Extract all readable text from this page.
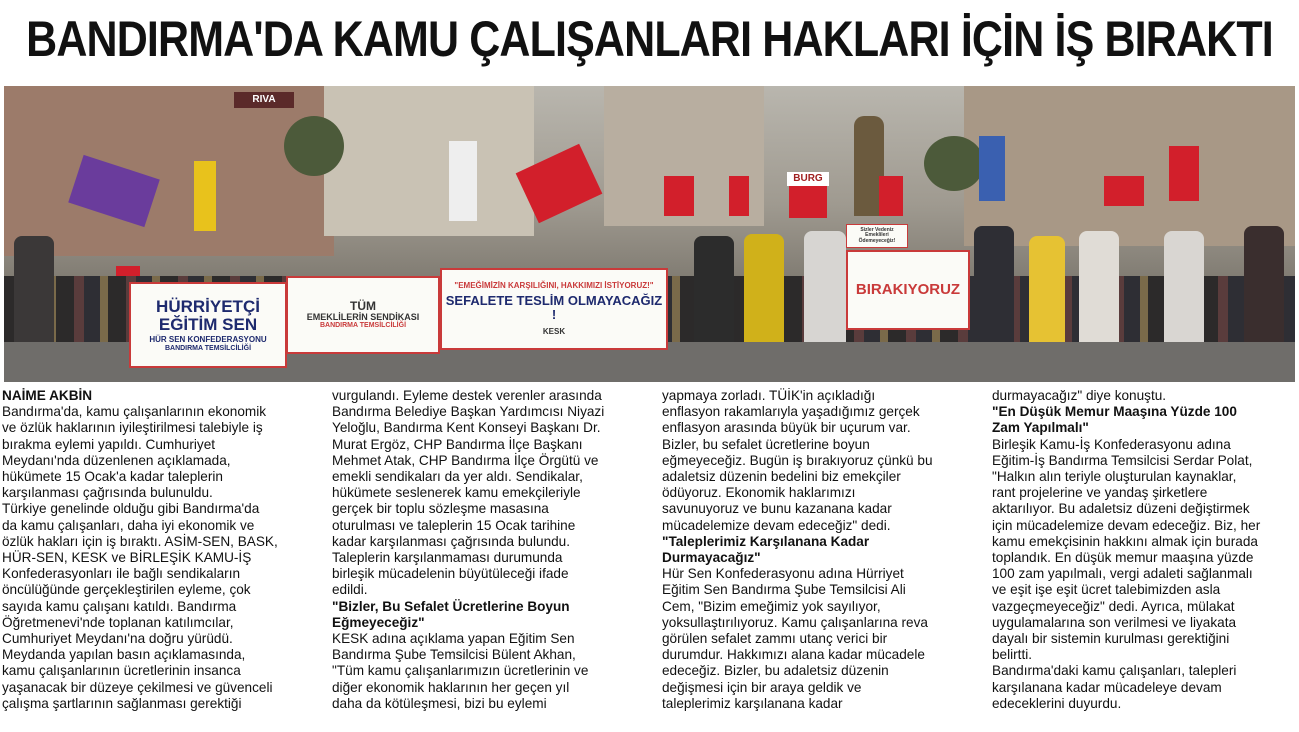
BANDIRMA'DA KAMU ÇALIŞANLARI HAKLARI İÇİN İŞ BIRAKTI
RIVA
BURG
HÜRRİYETÇİ
EĞİTİM SEN
HÜR SEN KONFEDERASYONU
BANDIRMA TEMSİLCİLİĞİ
TÜM
EMEKLİLERİN SENDİKASI
BANDIRMA TEMSİLCİLİĞİ
"EMEĞİMİZİN KARŞILIĞINI, HAKKIMIZI İSTİYORUZ!"
SEFALETE TESLİM OLMAYACAĞIZ !
KESK
BIRAKIYORUZ
Sizler Vedeniz
Emeklileri Ödemeyeceğiz!

NAİME AKBİN

Bandırma'da, kamu çalışanlarının ekonomik

ve özlük haklarının iyileştirilmesi talebiyle iş

bırakma eylemi yapıldı. Cumhuriyet

Meydanı'nda düzenlenen açıklamada,

hükümete 15 Ocak'a kadar taleplerin

karşılanması çağrısında bulunuldu.

Türkiye genelinde olduğu gibi Bandırma'da

da kamu çalışanları, daha iyi ekonomik ve

özlük hakları için iş bıraktı. ASİM-SEN, BASK,

HÜR-SEN, KESK ve BİRLEŞİK KAMU-İŞ

Konfederasyonları ile bağlı sendikaların

öncülüğünde gerçekleştirilen eyleme, çok

sayıda kamu çalışanı katıldı. Bandırma

Öğretmenevi'nde toplanan katılımcılar,

Cumhuriyet Meydanı'na doğru yürüdü.

Meydanda yapılan basın açıklamasında,

kamu çalışanlarının ücretlerinin insanca

yaşanacak bir düzeye çekilmesi ve güvenceli

çalışma şartlarının sağlanması gerektiği

vurgulandı. Eyleme destek verenler arasında

Bandırma Belediye Başkan Yardımcısı Niyazi

Yeloğlu, Bandırma Kent Konseyi Başkanı Dr.

Murat Ergöz, CHP Bandırma İlçe Başkanı

Mehmet Atak, CHP Bandırma İlçe Örgütü ve

emekli sendikaları da yer aldı. Sendikalar,

hükümete seslenerek kamu emekçileriyle

gerçek bir toplu sözleşme masasına

oturulması ve taleplerin 15 Ocak tarihine

kadar karşılanması çağrısında bulundu.

Taleplerin karşılanmaması durumunda

birleşik mücadelenin büyütüleceği ifade

edildi.

"Bizler, Bu Sefalet Ücretlerine Boyun

Eğmeyeceğiz"

KESK adına açıklama yapan Eğitim Sen

Bandırma Şube Temsilcisi Bülent Akhan,

"Tüm kamu çalışanlarımızın ücretlerinin ve

diğer ekonomik haklarının her geçen yıl

daha da kötüleşmesi, bizi bu eylemi

yapmaya zorladı. TÜİK'in açıkladığı

enflasyon rakamlarıyla yaşadığımız gerçek

enflasyon arasında büyük bir uçurum var.

Bizler, bu sefalet ücretlerine boyun

eğmeyeceğiz. Bugün iş bırakıyoruz çünkü bu

adaletsiz düzenin bedelini biz emekçiler

ödüyoruz. Ekonomik haklarımızı

savunuyoruz ve bunu kazanana kadar

mücadelemize devam edeceğiz" dedi.

"Taleplerimiz Karşılanana Kadar

Durmayacağız"

Hür Sen Konfederasyonu adına Hürriyet

Eğitim Sen Bandırma Şube Temsilcisi Ali

Cem, "Bizim emeğimiz yok sayılıyor,

yoksullaştırılıyoruz. Kamu çalışanlarına reva

görülen sefalet zammı utanç verici bir

durumdur. Hakkımızı alana kadar mücadele

edeceğiz. Bizler, bu adaletsiz düzenin

değişmesi için bir araya geldik ve

taleplerimiz karşılanana kadar

durmayacağız" diye konuştu.

"En Düşük Memur Maaşına Yüzde 100

Zam Yapılmalı"

Birleşik Kamu-İş Konfederasyonu adına

Eğitim-İş Bandırma Temsilcisi Serdar Polat,

"Halkın alın teriyle oluşturulan kaynaklar,

rant projelerine ve yandaş şirketlere

aktarılıyor. Bu adaletsiz düzeni değiştirmek

için mücadelemize devam edeceğiz. Biz, her

kamu emekçisinin hakkını almak için burada

toplandık. En düşük memur maaşına yüzde

100 zam yapılmalı, vergi adaleti sağlanmalı

ve eşit işe eşit ücret talebimizden asla

vazgeçmeyeceğiz" dedi. Ayrıca, mülakat

uygulamalarına son verilmesi ve liyakata

dayalı bir sistemin kurulması gerektiğini

belirtti.

Bandırma'daki kamu çalışanları, talepleri

karşılanana kadar mücadeleye devam

edeceklerini duyurdu.
